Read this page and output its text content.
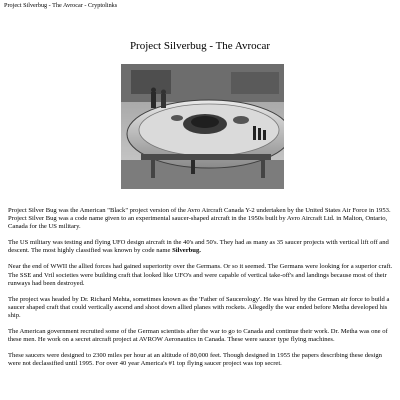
Project Silverbug - The Avrocar - Cryptolinks
Project Silverbug - The Avrocar

Project Silver Bug was the American "Black" project version of the Avro Aircraft Canada Y-2 undertaken by the United States Air Force in 1953. Project Silver Bug was a code name given to an experimental saucer-shaped aircraft in the 1950s built by Avro Aircraft Ltd. in Malton, Ontario, Canada for the US military.

The US military was testing and flying UFO design aircraft in the 40's and 50's. They had as many as 35 saucer projects with vertical lift off and descent. The most highly classified was known by code name Silverbug.

Near the end of WWII the allied forces had gained superiority over the Germans. Or so it seemed. The Germans were looking for a superior craft. The SSE and Vril societies were building craft that looked like UFO's and were capable of vertical take-off's and landings because most of their runways had been destroyed.

The project was headed by Dr. Richard Mehta, sometimes known as the 'Father of Saucerology'. He was hired by the German air force to build a saucer shaped craft that could vertically ascend and shoot down allied planes with rockets. Allegedly the war ended before Metha developed his ship.

The American government recruited some of the German scientists after the war to go to Canada and continue their work. Dr. Metha was one of these men. He work on a secret aircraft project at AVROW Aeronautics in Canada. These were saucer type flying machines.

These saucers were designed to 2300 miles per hour at an altitude of 80,000 feet. Though designed in 1955 the papers describing these design were not declassified until 1995. For over 40 year America's #1 top flying saucer project was top secret.
